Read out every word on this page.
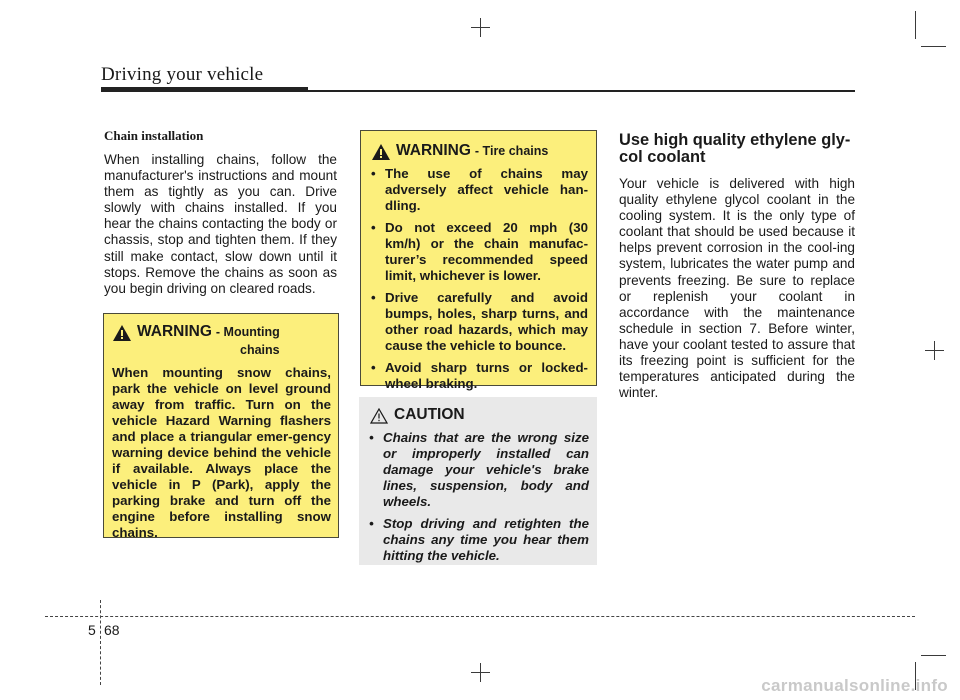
Driving your vehicle

Chain installation

When installing chains, follow the manufacturer's instructions and mount them as tightly as you can. Drive slowly with chains installed. If you hear the chains contacting the body or chassis, stop and tighten them. If they still make contact, slow down until it stops. Remove the chains as soon as you begin driving on cleared roads.

WARNING - Mounting
chains

When mounting snow chains, park the vehicle on level ground away from traffic. Turn on the vehicle Hazard Warning flashers and place a triangular emer-gency warning device behind the vehicle if available. Always place the vehicle in P (Park), apply the parking brake and turn off the engine before installing snow chains.

WARNING - Tire chains
• The use of chains may adversely affect vehicle han-dling.
• Do not exceed 20 mph (30 km/h) or the chain manufac-turer’s recommended speed limit, whichever is lower.
• Drive carefully and avoid bumps, holes, sharp turns, and other road hazards, which may cause the vehicle to bounce.
• Avoid sharp turns or locked-wheel braking.
CAUTION
• Chains that are the wrong size or improperly installed can damage your vehicle's brake lines, suspension, body and wheels.
• Stop driving and retighten the chains any time you hear them hitting the vehicle.

Use high quality ethylene gly-col coolant

Your vehicle is delivered with high quality ethylene glycol coolant in the cooling system. It is the only type of coolant that should be used because it helps prevent corrosion in the cool-ing system, lubricates the water pump and prevents freezing. Be sure to replace or replenish your coolant in accordance with the maintenance schedule in section 7. Before winter, have your coolant tested to assure that its freezing point is sufficient for the temperatures anticipated during the winter.

5 68
carmanualsonline.info
